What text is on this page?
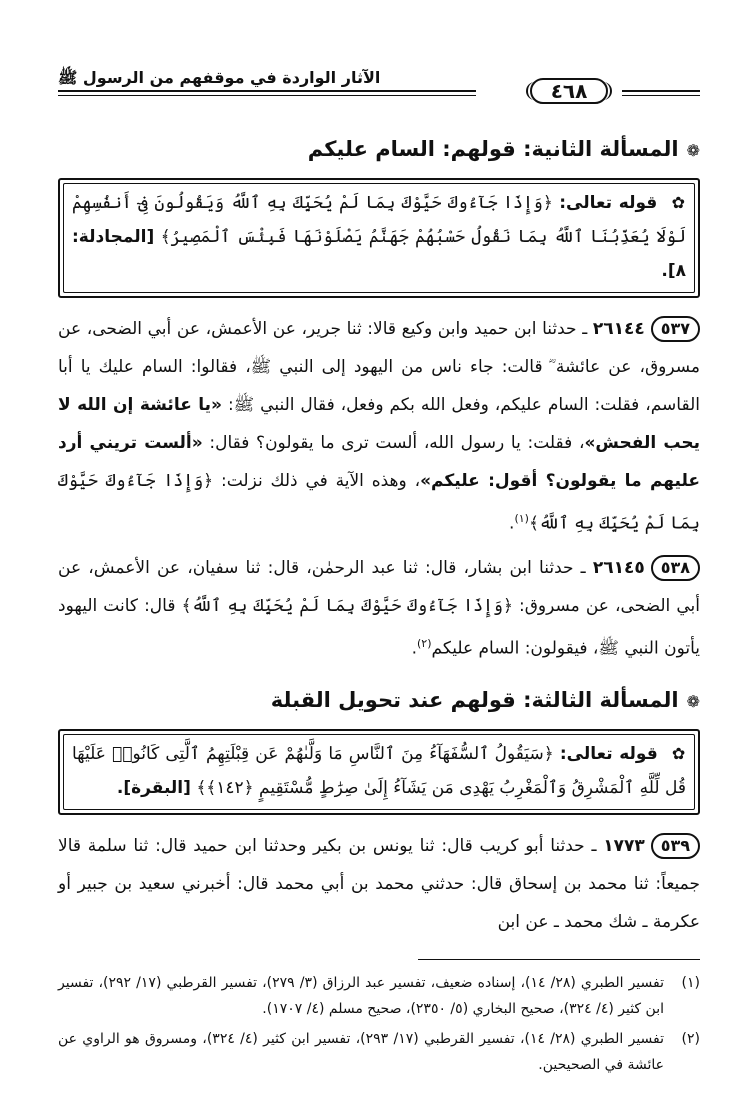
٤٦٨
الآثار الواردة في موقفهم من الرسول ﷺ
❁المسألة الثانية: قولهم: السام عليكم
✿ قوله تعالى: ﴿وَإِذَا جَآءُوكَ حَيَّوْكَ بِمَا لَمْ يُحَيِّكَ بِهِ ٱللَّهُ وَيَقُولُونَ فِىٓ أَنفُسِهِمْ لَوْلَا يُعَذِّبُنَا ٱللَّهُ بِمَا نَقُولُ حَسْبُهُمْ جَهَنَّمُ يَصْلَوْنَهَا فَبِئْسَ ٱلْمَصِيرُ﴾ [المجادلة: ٨].

٥٣٧٢٦١٤٤ ـ حدثنا ابن حميد وابن وكيع قالا: ثنا جرير، عن الأعمش، عن أبي الضحى، عن مسروق، عن عائشة ؓ قالت: جاء ناس من اليهود إلى النبي ﷺ، فقالوا: السام عليك يا أبا القاسم، فقلت: السام عليكم، وفعل الله بكم وفعل، فقال النبي ﷺ: «يا عائشة إن الله لا يحب الفحش»، فقلت: يا رسول الله، ألست ترى ما يقولون؟ فقال: «ألست تريني أرد عليهم ما يقولون؟ أقول: عليكم»، وهذه الآية في ذلك نزلت: ﴿وَإِذَا جَآءُوكَ حَيَّوْكَ بِمَا لَمْ يُحَيِّكَ بِهِ ٱللَّهُ﴾$^{(١)}$.

٥٣٨٢٦١٤٥ ـ حدثنا ابن بشار، قال: ثنا عبد الرحمٰن، قال: ثنا سفيان، عن الأعمش، عن أبي الضحى، عن مسروق: ﴿وَإِذَا جَآءُوكَ حَيَّوْكَ بِمَا لَمْ يُحَيِّكَ بِهِ ٱللَّهُ﴾ قال: كانت اليهود يأتون النبي ﷺ، فيقولون: السام عليكم$^{(٢)}$.

❁المسألة الثالثة: قولهم عند تحويل القبلة
✿ قوله تعالى: ﴿سَيَقُولُ ٱلسُّفَهَآءُ مِنَ ٱلنَّاسِ مَا وَلَّىٰهُمْ عَن قِبْلَتِهِمُ ٱلَّتِى كَانُوا۟ عَلَيْهَا قُل لِّلَّهِ ٱلْمَشْرِقُ وَٱلْمَغْرِبُ يَهْدِى مَن يَشَآءُ إِلَىٰ صِرَٰطٍ مُّسْتَقِيمٍ ﴿١٤٢﴾﴾ [البقرة].

٥٣٩١٧٧٣ ـ حدثنا أبو كريب قال: ثنا يونس بن بكير وحدثنا ابن حميد قال: ثنا سلمة قالا جميعاً: ثنا محمد بن إسحاق قال: حدثني محمد بن أبي محمد قال: أخبرني سعيد بن جبير أو عكرمة ـ شك محمد ـ عن ابن

(١)
تفسير الطبري (٢٨/ ١٤)، إسناده ضعيف، تفسير عبد الرزاق (٣/ ٢٧٩)، تفسير القرطبي (١٧/ ٢٩٢)، تفسير ابن كثير (٤/ ٣٢٤)، صحيح البخاري (٥/ ٢٣٥٠)، صحيح مسلم (٤/ ١٧٠٧).
(٢)
تفسير الطبري (٢٨/ ١٤)، تفسير القرطبي (١٧/ ٢٩٣)، تفسير ابن كثير (٤/ ٣٢٤)، ومسروق هو الراوي عن عائشة في الصحيحين.
